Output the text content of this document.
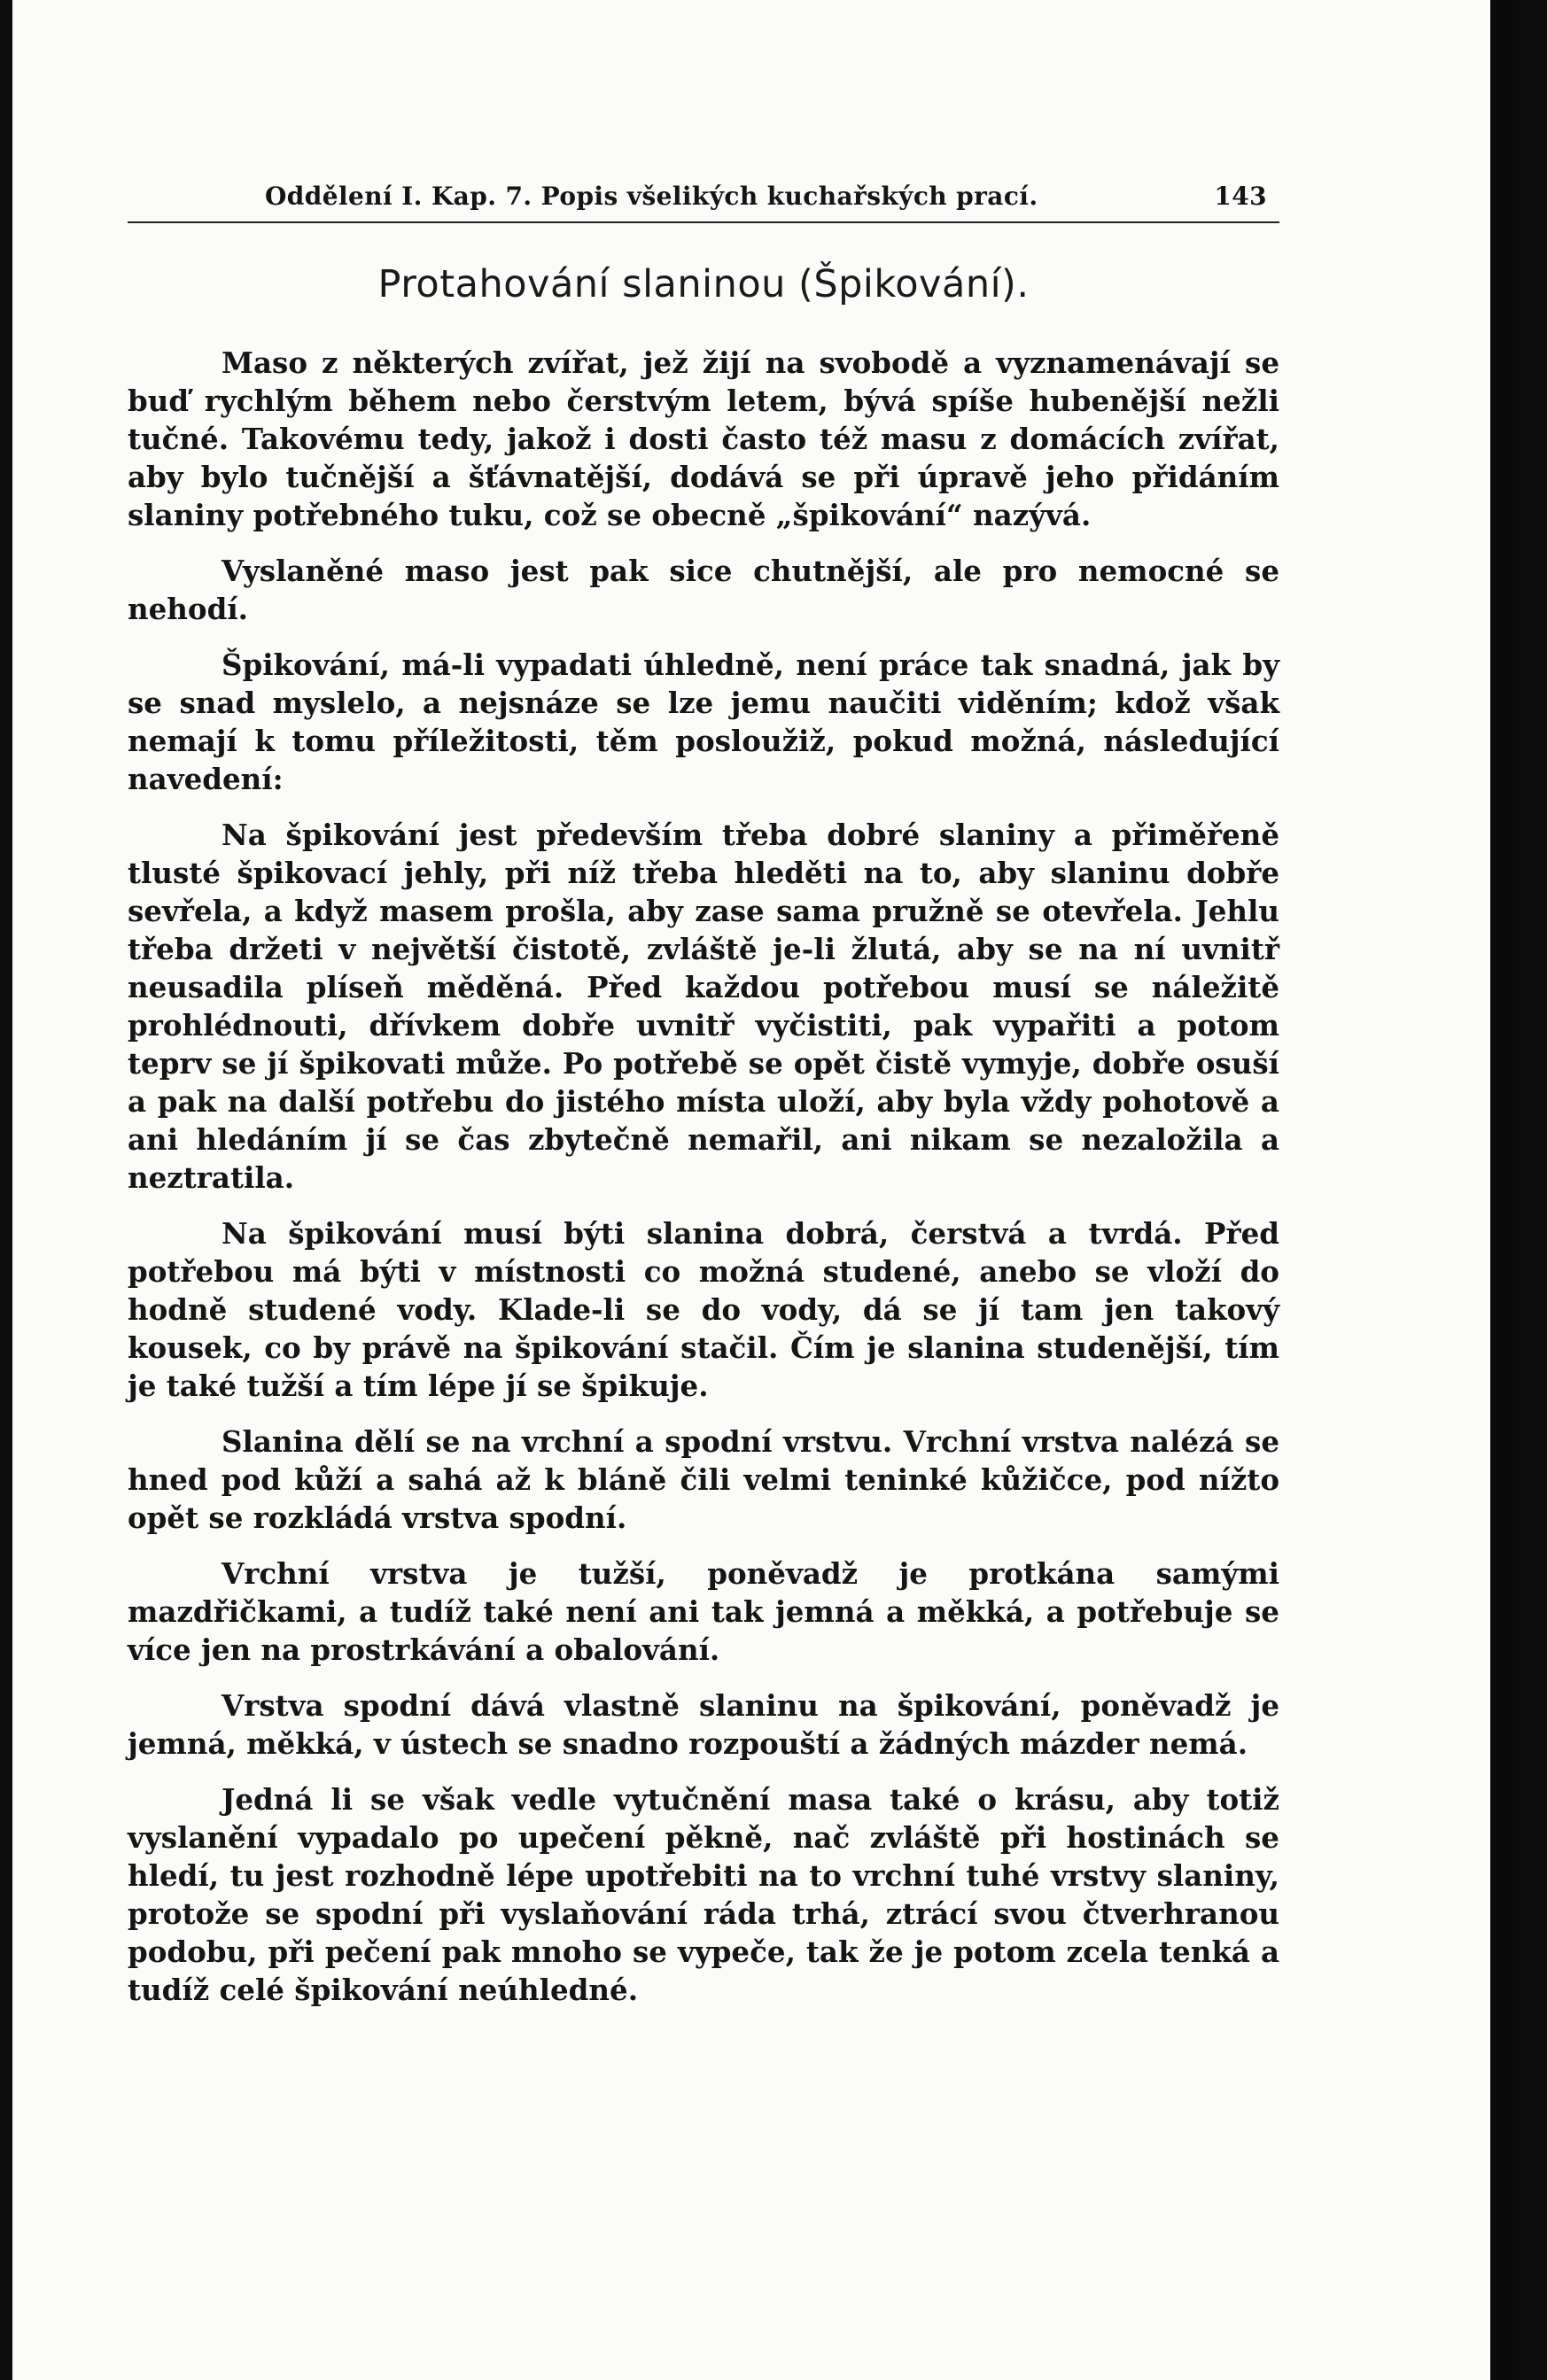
Oddělení I. Kap. 7. Popis všelikých kuchařských prací.	143
Protahování slaninou (Špikování).

Maso z některých zvířat, jež žijí na svobodě a vyznamenávají se buď rychlým během nebo čerstvým letem, bývá spíše hubenější nežli tučné. Takovému tedy, jakož i dosti často též masu z domácích zvířat, aby bylo tučnější a šťávnatější, dodává se při úpravě jeho přidáním slaniny potřebného tuku, což se obecně „špikování“ nazývá.

Vyslaněné maso jest pak sice chutnější, ale pro nemocné se nehodí.

Špikování, má-li vypadati úhledně, není práce tak snadná, jak by se snad myslelo, a nejsnáze se lze jemu naučiti viděním; kdož však nemají k tomu příležitosti, těm posloužiž, pokud možná, následující navedení:

Na špikování jest především třeba dobré slaniny a přiměřeně tlusté špikovací jehly, při níž třeba hleděti na to, aby slaninu dobře sevřela, a když masem prošla, aby zase sama pružně se otevřela. Jehlu třeba držeti v největší čistotě, zvláště je-li žlutá, aby se na ní uvnitř neusadila plíseň měděná. Před každou potřebou musí se náležitě prohlédnouti, dřívkem dobře uvnitř vyčistiti, pak vypařiti a potom teprv se jí špikovati může. Po potřebě se opět čistě vymyje, dobře osuší a pak na další potřebu do jistého místa uloží, aby byla vždy pohotově a ani hledáním jí se čas zbytečně nemařil, ani nikam se nezaložila a neztratila.

Na špikování musí býti slanina dobrá, čerstvá a tvrdá. Před potřebou má býti v místnosti co možná studené, anebo se vloží do hodně studené vody. Klade-li se do vody, dá se jí tam jen takový kousek, co by právě na špikování stačil. Čím je slanina studenější, tím je také tužší a tím lépe jí se špikuje.

Slanina dělí se na vrchní a spodní vrstvu. Vrchní vrstva nalézá se hned pod kůží a sahá až k bláně čili velmi teninké kůžičce, pod nížto opět se rozkládá vrstva spodní.

Vrchní vrstva je tužší, poněvadž je protkána samými mazdřičkami, a tudíž také není ani tak jemná a měkká, a potřebuje se více jen na prostrkávání a obalování.

Vrstva spodní dává vlastně slaninu na špikování, poněvadž je jemná, měkká, v ústech se snadno rozpouští a žádných mázder nemá.

Jedná li se však vedle vytučnění masa také o krásu, aby totiž vyslanění vypadalo po upečení pěkně, nač zvláště při hostinách se hledí, tu jest rozhodně lépe upotřebiti na to vrchní tuhé vrstvy slaniny, protože se spodní při vyslaňování ráda trhá, ztrácí svou čtverhranou podobu, při pečení pak mnoho se vypeče, tak že je potom zcela tenká a tudíž celé špikování neúhledné.
